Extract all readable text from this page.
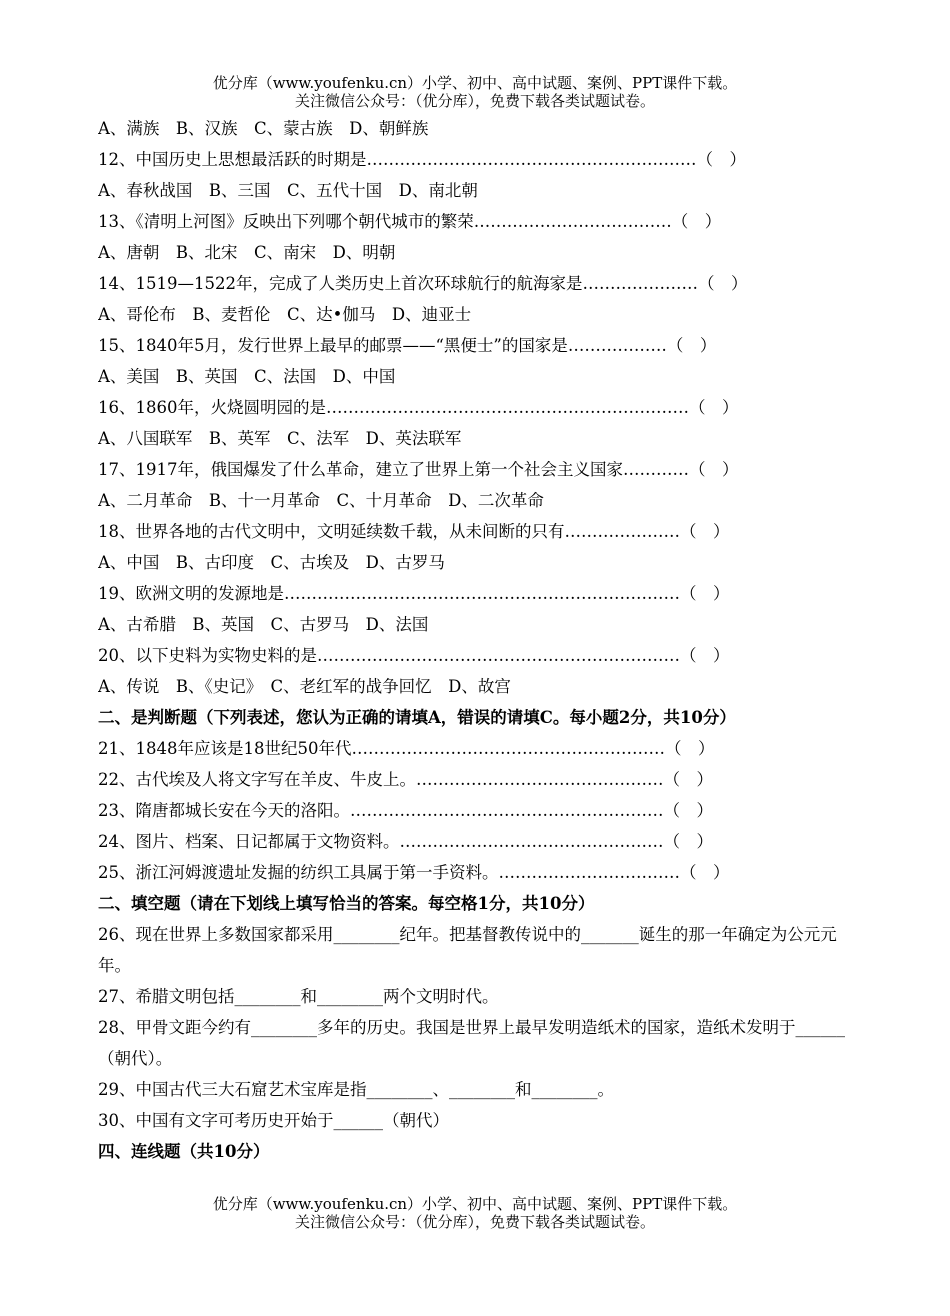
优分库（www.youfenku.cn）小学、初中、高中试题、案例、PPT课件下载。
关注微信公众号：（优分库），免费下载各类试题试卷。
A、满族　B、汉族　C、蒙古族　D、朝鲜族
12、中国历史上思想最活跃的时期是……………………………………………………（　）
A、春秋战国　B、三国　C、五代十国　D、南北朝
13、《清明上河图》反映出下列哪个朝代城市的繁荣………………………………（　）
A、唐朝　B、北宋　C、南宋　D、明朝
14、1519—1522年，完成了人类历史上首次环球航行的航海家是…………………（　）
A、哥伦布　B、麦哲伦　C、达•伽马　D、迪亚士
15、1840年5月，发行世界上最早的邮票——“黑便士”的国家是………………（　）
A、美国　B、英国　C、法国　D、中国
16、1860年，火烧圆明园的是…………………………………………………………（　）
A、八国联军　B、英军　C、法军　D、英法联军
17、1917年，俄国爆发了什么革命，建立了世界上第一个社会主义国家…………（　）
A、二月革命　B、十一月革命　C、十月革命　D、二次革命
18、世界各地的古代文明中，文明延续数千载，从未间断的只有…………………（　）
A、中国　B、古印度　C、古埃及　D、古罗马
19、欧洲文明的发源地是………………………………………………………………（　）
A、古希腊　B、英国　C、古罗马　D、法国
20、以下史料为实物史料的是…………………………………………………………（　）
A、传说　B、《史记》　C、老红军的战争回忆　D、故宫
二、是判断题（下列表述，您认为正确的请填A，错误的请填C。每小题2分，共10分）
21、1848年应该是18世纪50年代…………………………………………………（　）
22、古代埃及人将文字写在羊皮、牛皮上。………………………………………（　）
23、隋唐都城长安在今天的洛阳。…………………………………………………（　）
24、图片、档案、日记都属于文物资料。…………………………………………（　）
25、浙江河姆渡遗址发掘的纺织工具属于第一手资料。……………………………（　）
二、填空题（请在下划线上填写恰当的答案。每空格1分，共10分）
26、现在世界上多数国家都采用________纪年。把基督教传说中的_______诞生的那一年确定为公元元年。
27、希腊文明包括________和________两个文明时代。
28、甲骨文距今约有________多年的历史。我国是世界上最早发明造纸术的国家，造纸术发明于______（朝代）。
29、中国古代三大石窟艺术宝库是指________、________和________。
30、中国有文字可考历史开始于______（朝代）
四、连线题（共10分）
优分库（www.youfenku.cn）小学、初中、高中试题、案例、PPT课件下载。
关注微信公众号：（优分库），免费下载各类试题试卷。
